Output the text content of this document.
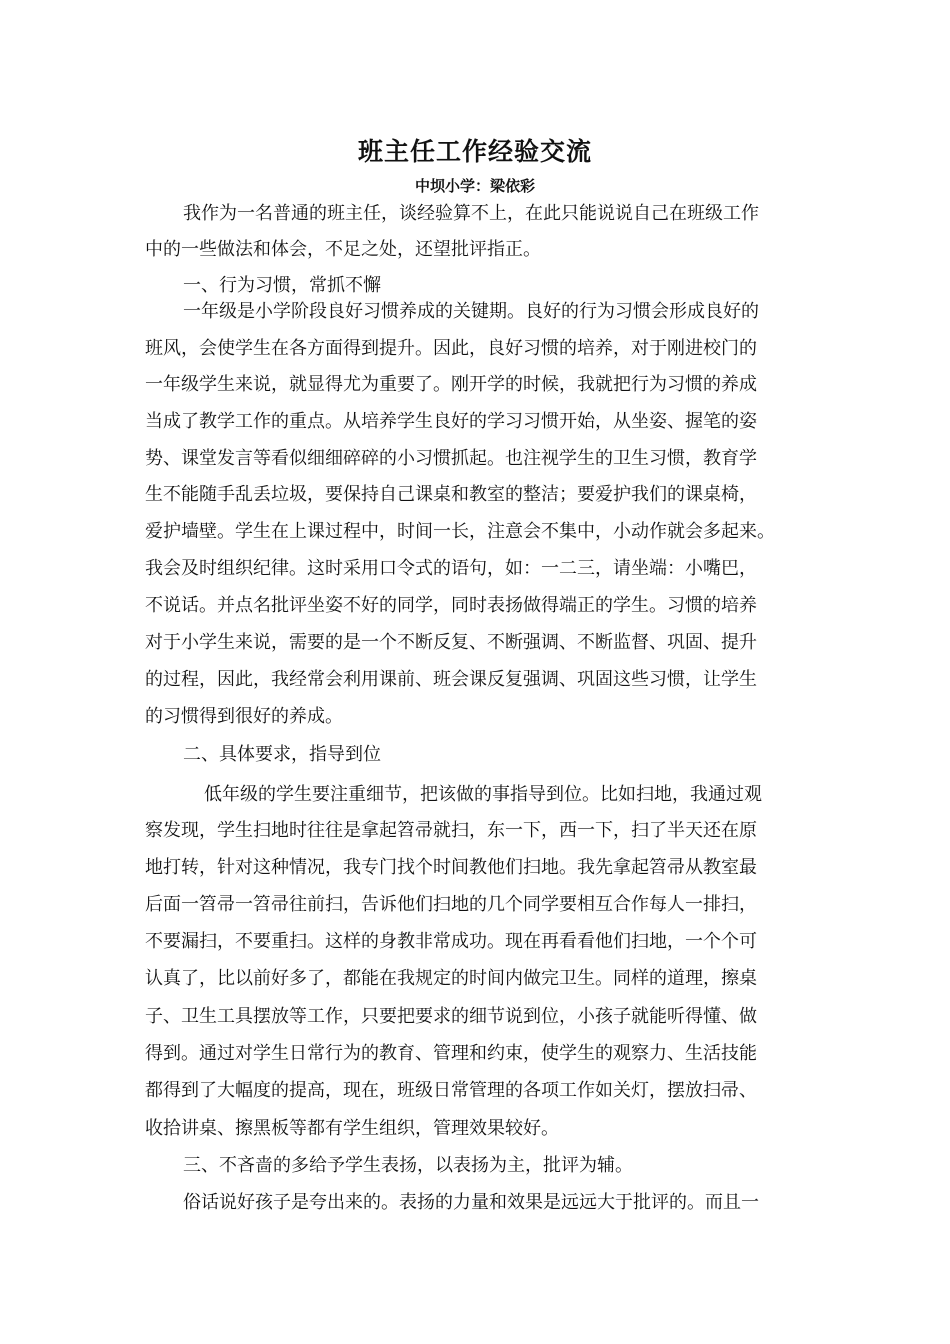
班主任工作经验交流
中坝小学：梁依彩
我作为一名普通的班主任，谈经验算不上，在此只能说说自己在班级工作
中的一些做法和体会，不足之处，还望批评指正。
一、行为习惯，常抓不懈
一年级是小学阶段良好习惯养成的关键期。良好的行为习惯会形成良好的
班风，会使学生在各方面得到提升。因此，良好习惯的培养，对于刚进校门的
一年级学生来说，就显得尤为重要了。刚开学的时候，我就把行为习惯的养成
当成了教学工作的重点。从培养学生良好的学习习惯开始，从坐姿、握笔的姿
势、课堂发言等看似细细碎碎的小习惯抓起。也注视学生的卫生习惯，教育学
生不能随手乱丢垃圾，要保持自己课桌和教室的整洁；要爱护我们的课桌椅，
爱护墙壁。学生在上课过程中，时间一长，注意会不集中，小动作就会多起来。
我会及时组织纪律。这时采用口令式的语句，如：一二三，请坐端：小嘴巴，
不说话。并点名批评坐姿不好的同学，同时表扬做得端正的学生。习惯的培养
对于小学生来说，需要的是一个不断反复、不断强调、不断监督、巩固、提升
的过程，因此，我经常会利用课前、班会课反复强调、巩固这些习惯，让学生
的习惯得到很好的养成。
二、具体要求，指导到位
低年级的学生要注重细节，把该做的事指导到位。比如扫地，我通过观
察发现，学生扫地时往往是拿起笤帚就扫，东一下，西一下，扫了半天还在原
地打转，针对这种情况，我专门找个时间教他们扫地。我先拿起笤帚从教室最
后面一笤帚一笤帚往前扫，告诉他们扫地的几个同学要相互合作每人一排扫，
不要漏扫，不要重扫。这样的身教非常成功。现在再看看他们扫地，一个个可
认真了，比以前好多了，都能在我规定的时间内做完卫生。同样的道理，擦桌
子、卫生工具摆放等工作，只要把要求的细节说到位，小孩子就能听得懂、做
得到。通过对学生日常行为的教育、管理和约束，使学生的观察力、生活技能
都得到了大幅度的提高，现在，班级日常管理的各项工作如关灯，摆放扫帚、
收拾讲桌、擦黑板等都有学生组织，管理效果较好。
三、不吝啬的多给予学生表扬，以表扬为主，批评为辅。
俗话说好孩子是夸出来的。表扬的力量和效果是远远大于批评的。而且一
